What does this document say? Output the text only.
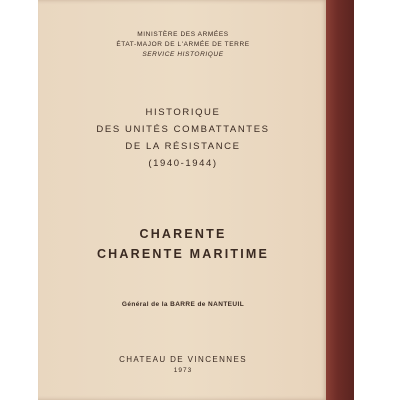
MINISTÈRE DES ARMÉES
ÉTAT-MAJOR DE L'ARMÉE DE TERRE
SERVICE HISTORIQUE
HISTORIQUE
DES UNITÉS COMBATTANTES
DE LA RÉSISTANCE
(1940-1944)
CHARENTE
CHARENTE MARITIME
Général de la BARRE de NANTEUIL
CHATEAU DE VINCENNES
1973
